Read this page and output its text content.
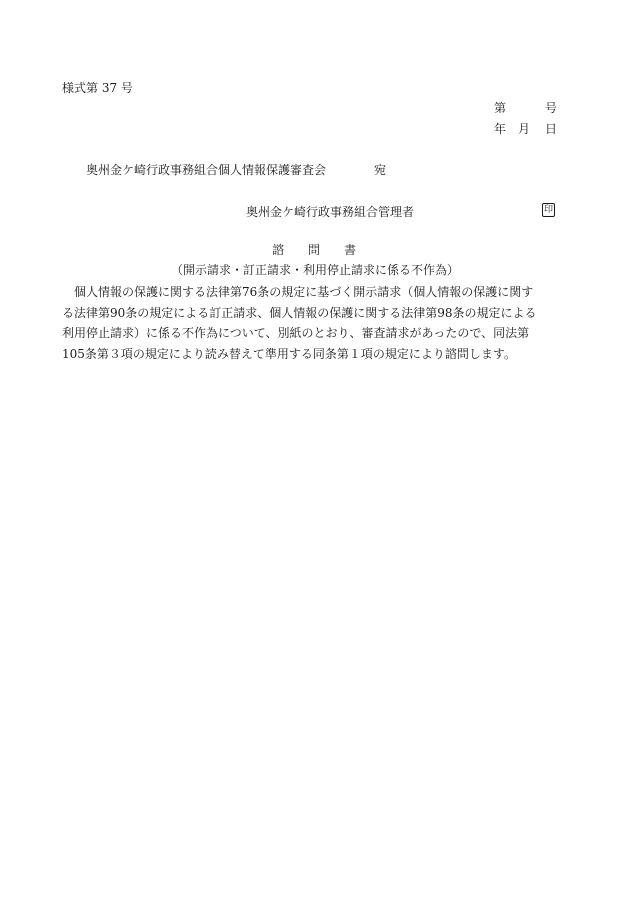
様式第 37 号
第	号
年 月 日
奥州金ケ崎行政事務組合個人情報保護審査会	宛
奥州金ケ崎行政事務組合管理者	印
諮 問 書
（開示請求・訂正請求・利用停止請求に係る不作為）
個人情報の保護に関する法律第76条の規定に基づく開示請求（個人情報の保護に関す
る法律第90条の規定による訂正請求、個人情報の保護に関する法律第98条の規定による
利用停止請求）に係る不作為について、別紙のとおり、審査請求があったので、同法第
105条第３項の規定により読み替えて準用する同条第１項の規定により諮問します。
